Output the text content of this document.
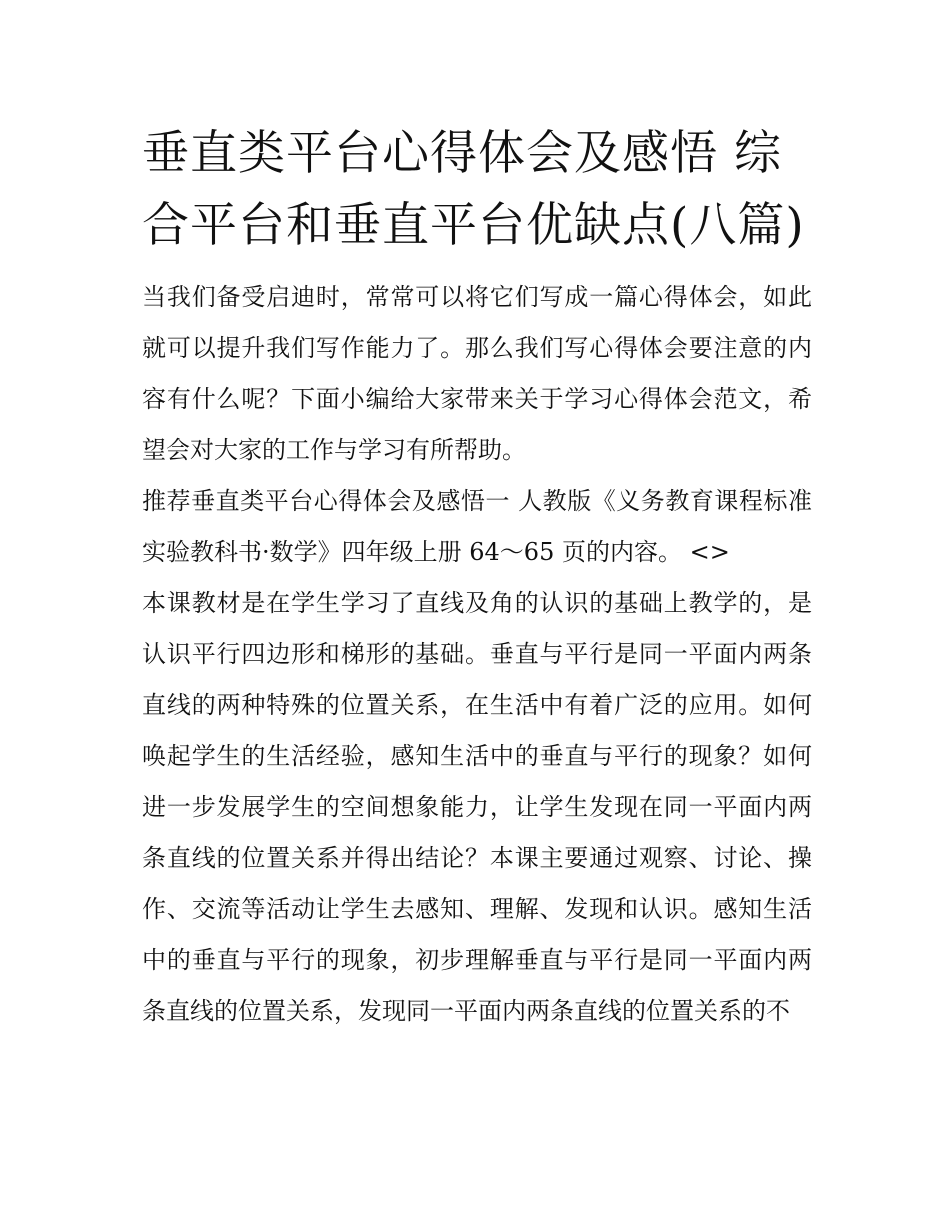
垂直类平台心得体会及感悟 综合平台和垂直平台优缺点(八篇)

当我们备受启迪时，常常可以将它们写成一篇心得体会，如此就可以提升我们写作能力了。那么我们写心得体会要注意的内容有什么呢？下面小编给大家带来关于学习心得体会范文，希望会对大家的工作与学习有所帮助。

推荐垂直类平台心得体会及感悟一 人教版《义务教育课程标准实验教科书·数学》四年级上册 64～65 页的内容。 <>

本课教材是在学生学习了直线及角的认识的基础上教学的，是认识平行四边形和梯形的基础。垂直与平行是同一平面内两条直线的两种特殊的位置关系，在生活中有着广泛的应用。如何唤起学生的生活经验，感知生活中的垂直与平行的现象？如何进一步发展学生的空间想象能力，让学生发现在同一平面内两条直线的位置关系并得出结论？本课主要通过观察、讨论、操作、交流等活动让学生去感知、理解、发现和认识。感知生活中的垂直与平行的现象，初步理解垂直与平行是同一平面内两条直线的位置关系，发现同一平面内两条直线的位置关系的不
